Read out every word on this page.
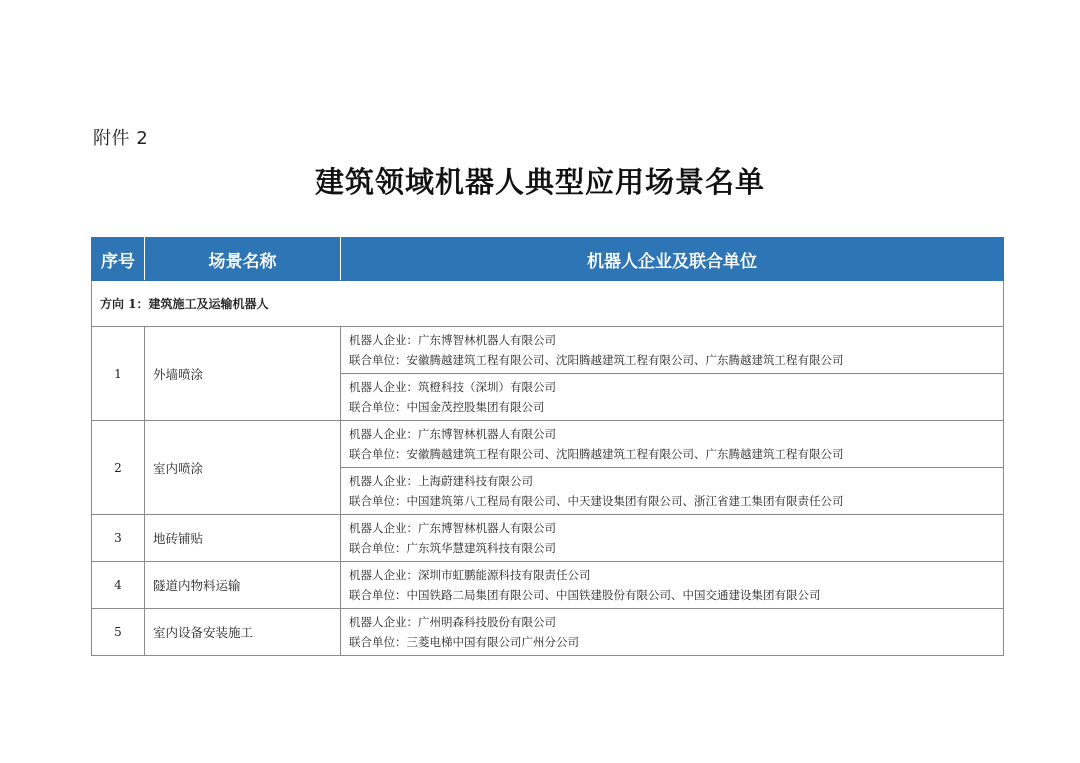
附件 2
建筑领域机器人典型应用场景名单
序号	场景名称	机器人企业及联合单位
方向 1：建筑施工及运输机器人		
1	外墙喷涂	机器人企业：广东博智林机器人有限公司
联合单位：安徽腾越建筑工程有限公司、沈阳腾越建筑工程有限公司、广东腾越建筑工程有限公司

		机器人企业：筑橙科技（深圳）有限公司
联合单位：中国金茂控股集团有限公司

2	室内喷涂	机器人企业：广东博智林机器人有限公司
联合单位：安徽腾越建筑工程有限公司、沈阳腾越建筑工程有限公司、广东腾越建筑工程有限公司

		机器人企业：上海蔚建科技有限公司
联合单位：中国建筑第八工程局有限公司、中天建设集团有限公司、浙江省建工集团有限责任公司

3	地砖铺贴	机器人企业：广东博智林机器人有限公司
联合单位：广东筑华慧建筑科技有限公司

4	隧道内物料运输	机器人企业：深圳市虹鹏能源科技有限责任公司
联合单位：中国铁路二局集团有限公司、中国铁建股份有限公司、中国交通建设集团有限公司

5	室内设备安装施工	机器人企业：广州明森科技股份有限公司
联合单位：三菱电梯中国有限公司广州分公司
